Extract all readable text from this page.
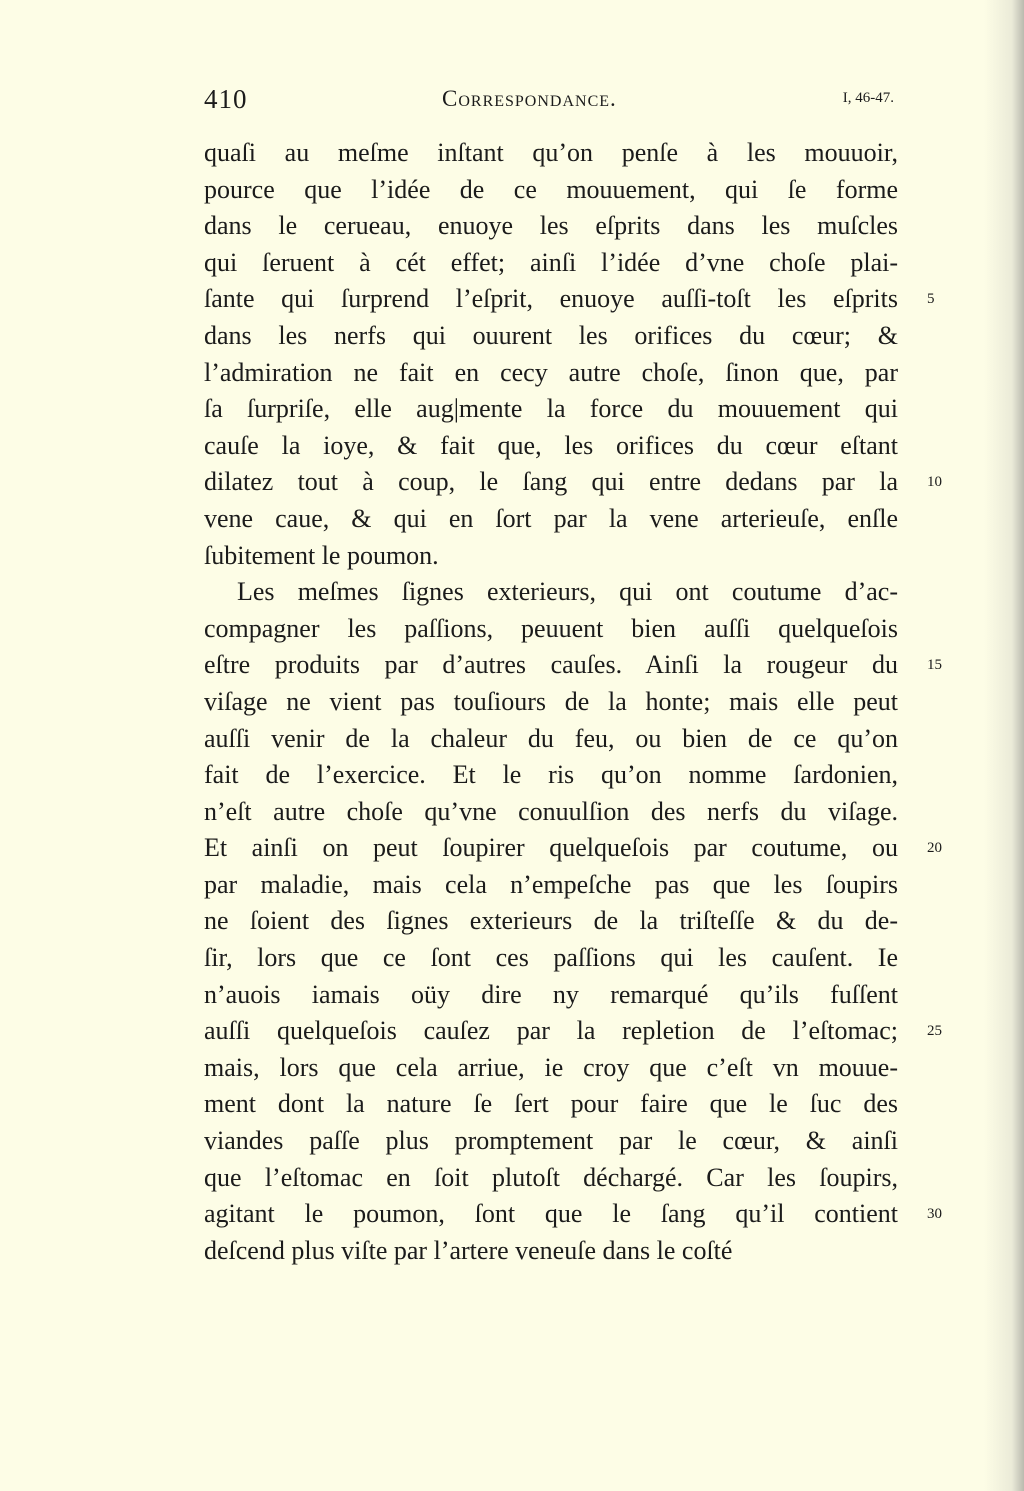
410	Correspondance.	I, 46-47.
quaſi au meſme inſtant qu’on penſe à les mouuoir,
pource que l’idée de ce mouuement, qui ſe forme
dans le cerueau, enuoye les eſprits dans les muſcles
qui ſeruent à cét effet; ainſi l’idée d’vne choſe plai-
ſante qui ſurprend l’eſprit, enuoye auſſi-toſt les eſprits 5
dans les nerfs qui ouurent les orifices du cœur; &
l’admiration ne fait en cecy autre choſe, ſinon que, par
ſa ſurpriſe, elle aug|mente la force du mouuement qui
cauſe la ioye, & fait que, les orifices du cœur eſtant
dilatez tout à coup, le ſang qui entre dedans par la 10
vene caue, & qui en ſort par la vene arterieuſe, enſle
ſubitement le poumon.
Les meſmes ſignes exterieurs, qui ont coutume d’ac-
compagner les paſſions, peuuent bien auſſi quelqueſois
eſtre produits par d’autres cauſes. Ainſi la rougeur du 15
viſage ne vient pas touſiours de la honte; mais elle peut
auſſi venir de la chaleur du feu, ou bien de ce qu’on
fait de l’exercice. Et le ris qu’on nomme ſardonien,
n’eſt autre choſe qu’vne conuulſion des nerfs du viſage.
Et ainſi on peut ſoupirer quelqueſois par coutume, ou 20
par maladie, mais cela n’empeſche pas que les ſoupirs
ne ſoient des ſignes exterieurs de la triſteſſe & du de-
ſir, lors que ce ſont ces paſſions qui les cauſent. Ie
n’auois iamais oüy dire ny remarqué qu’ils fuſſent
auſſi quelqueſois cauſez par la repletion de l’eſtomac; 25
mais, lors que cela arriue, ie croy que c’eſt vn mouue-
ment dont la nature ſe ſert pour faire que le ſuc des
viandes paſſe plus promptement par le cœur, & ainſi
que l’eſtomac en ſoit plutoſt déchargé. Car les ſoupirs,
agitant le poumon, ſont que le ſang qu’il contient 30
deſcend plus viſte par l’artere veneuſe dans le coſté
